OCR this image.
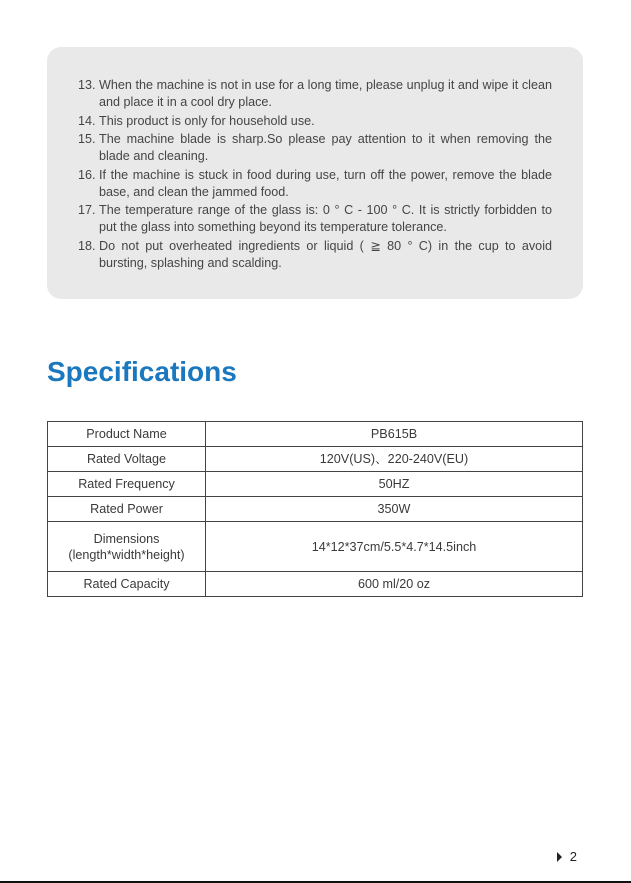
13. When the machine is not in use for a long time, please unplug it and wipe it clean and place it in a cool dry place.
14. This product is only for household use.
15. The machine blade is sharp.So please pay attention to it when removing the blade and cleaning.
16. If the machine is stuck in food during use, turn off the power, remove the blade base, and clean the jammed food.
17. The temperature range of the glass is: 0 ° C - 100 ° C. It is strictly forbidden to put the glass into something beyond its temperature tolerance.
18. Do not put overheated ingredients or liquid ( ≧ 80 ° C) in the cup to avoid bursting, splashing and scalding.
Specifications
Product Name	PB615B
Rated Voltage	120V(US)、220-240V(EU)
Rated Frequency	50HZ
Rated Power	350W

Dimensions
(length*width*height)	14*12*37cm/5.5*4.7*14.5inch
Rated Capacity	600 ml/20 oz
2
